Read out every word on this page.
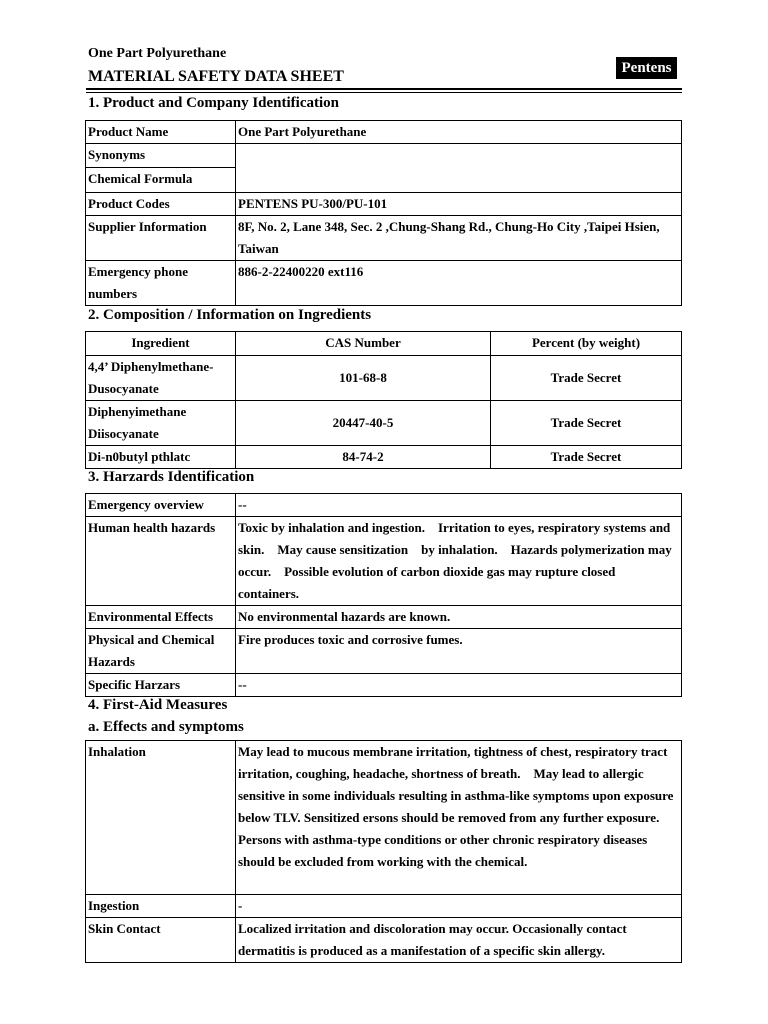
One Part Polyurethane
MATERIAL SAFETY DATA SHEET	Pentens
1. Product and Company Identification
Product Name	One Part Polyurethane
Synonyms	
Chemical Formula	
Product Codes	PENTENS PU-300/PU-101
Supplier Information	8F, No. 2, Lane 348, Sec. 2 ,Chung-Shang Rd., Chung-Ho City ,Taipei Hsien, Taiwan
Emergency phone numbers	886-2-22400220 ext116
2. Composition / Information on Ingredients
Ingredient	CAS Number	Percent (by weight)
4,4’ Diphenylmethane-Dusocyanate	101-68-8	Trade Secret
Diphenyimethane Diisocyanate	20447-40-5	Trade Secret
Di-n0butyl pthlatc	84-74-2	Trade Secret
3. Harzards Identification
Emergency overview	--
Human health hazards	Toxic by inhalation and ingestion.    Irritation to eyes, respiratory systems and skin.    May cause sensitization    by inhalation.    Hazards polymerization may occur.    Possible evolution of carbon dioxide gas may rupture closed containers.
Environmental Effects	No environmental hazards are known.
Physical and Chemical Hazards	Fire produces toxic and corrosive fumes.
Specific Harzars	--
4. First-Aid Measures
a. Effects and symptoms
Inhalation	May lead to mucous membrane irritation, tightness of chest, respiratory tract irritation, coughing, headache, shortness of breath.    May lead to allergic sensitive in some individuals resulting in asthma-like symptoms upon exposure below TLV. Sensitized ersons should be removed from any further exposure. Persons with asthma-type conditions or other chronic respiratory diseases should be excluded from working with the chemical.
Ingestion	-
Skin Contact	Localized irritation and discoloration may occur. Occasionally contact dermatitis is produced as a manifestation of a specific skin allergy.
